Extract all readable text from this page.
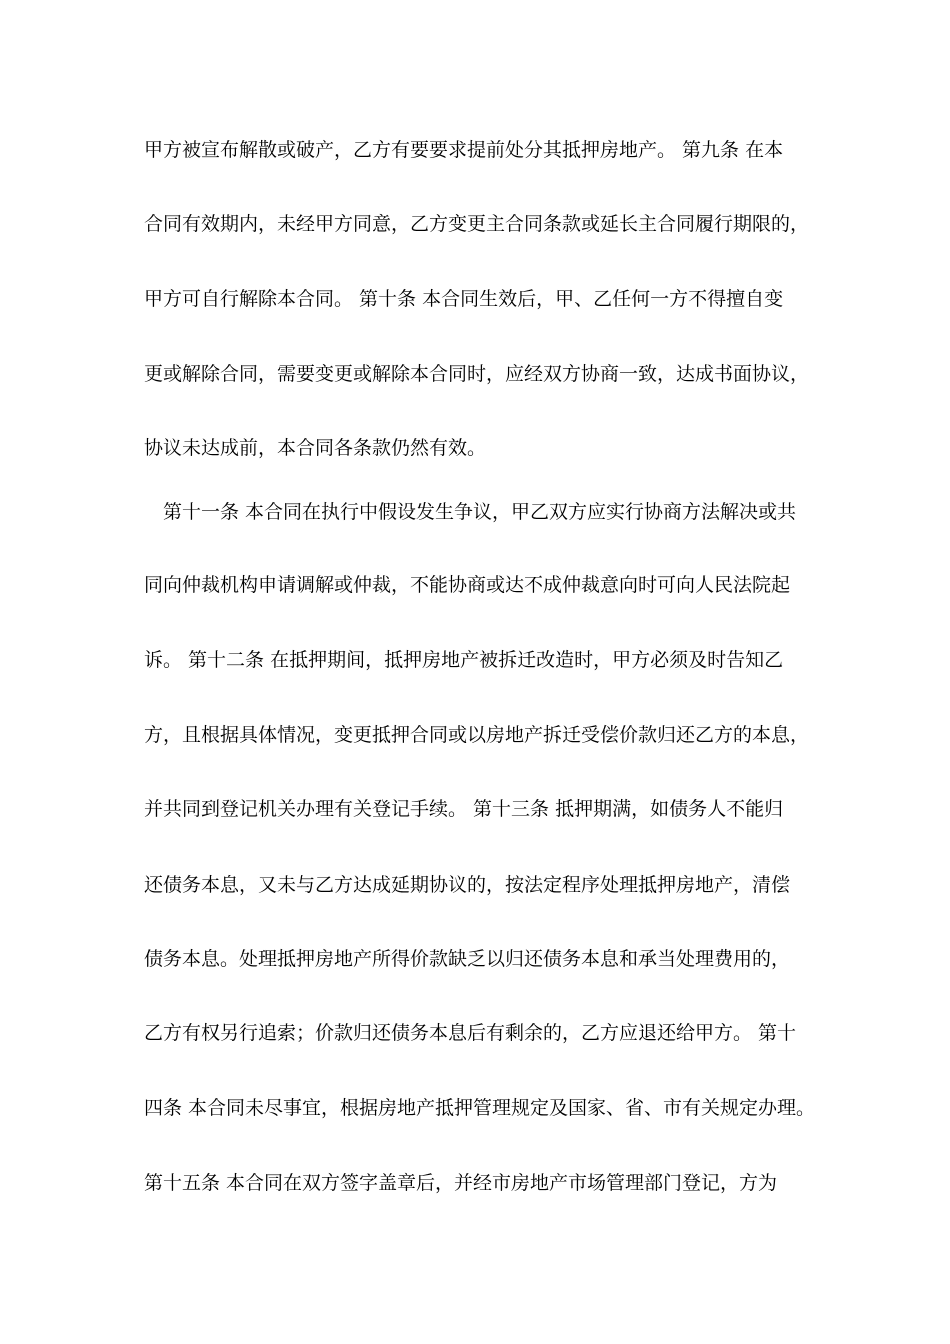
甲方被宣布解散或破产，乙方有要要求提前处分其抵押房地产。 第九条 在本
合同有效期内，未经甲方同意，乙方变更主合同条款或延长主合同履行期限的，
甲方可自行解除本合同。 第十条 本合同生效后，甲、乙任何一方不得擅自变
更或解除合同，需要变更或解除本合同时，应经双方协商一致，达成书面协议，
协议未达成前，本合同各条款仍然有效。
　第十一条 本合同在执行中假设发生争议，甲乙双方应实行协商方法解决或共
同向仲裁机构申请调解或仲裁，不能协商或达不成仲裁意向时可向人民法院起
诉。 第十二条 在抵押期间，抵押房地产被拆迁改造时，甲方必须及时告知乙
方，且根据具体情况，变更抵押合同或以房地产拆迁受偿价款归还乙方的本息，
并共同到登记机关办理有关登记手续。 第十三条 抵押期满，如债务人不能归
还债务本息，又未与乙方达成延期协议的，按法定程序处理抵押房地产，清偿
债务本息。处理抵押房地产所得价款缺乏以归还债务本息和承当处理费用的，
乙方有权另行追索；价款归还债务本息后有剩余的，乙方应退还给甲方。 第十
四条 本合同未尽事宜，根据房地产抵押管理规定及国家、省、市有关规定办理。
第十五条 本合同在双方签字盖章后，并经市房地产市场管理部门登记，方为
